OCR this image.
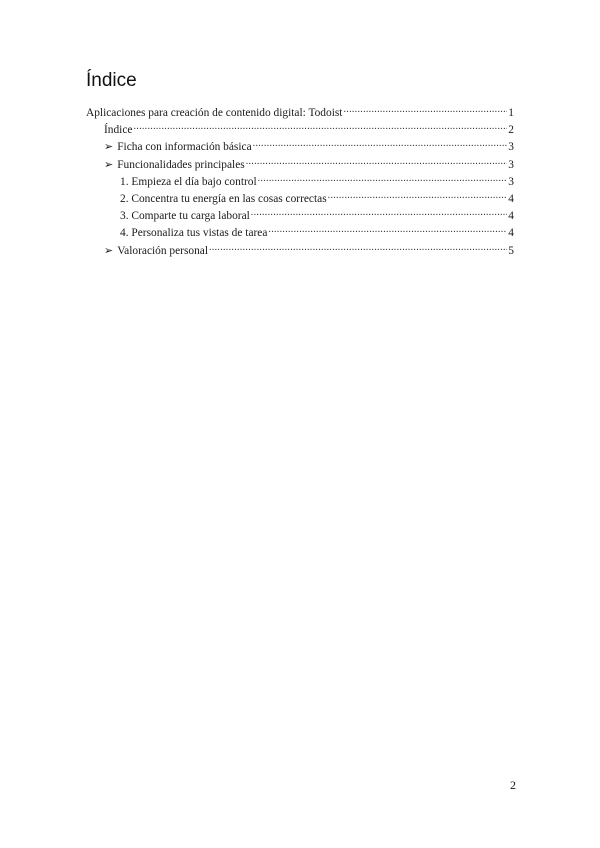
Índice
Aplicaciones para creación de contenido digital: Todoist .....	1
Índice .....	2
➢ Ficha con información básica .....	3
➢ Funcionalidades principales .....	3
1. Empieza el día bajo control .....	3
2. Concentra tu energía en las cosas correctas .....	4
3. Comparte tu carga laboral .....	4
4. Personaliza tus vistas de tarea .....	4
➢ Valoración personal .....	5
2
